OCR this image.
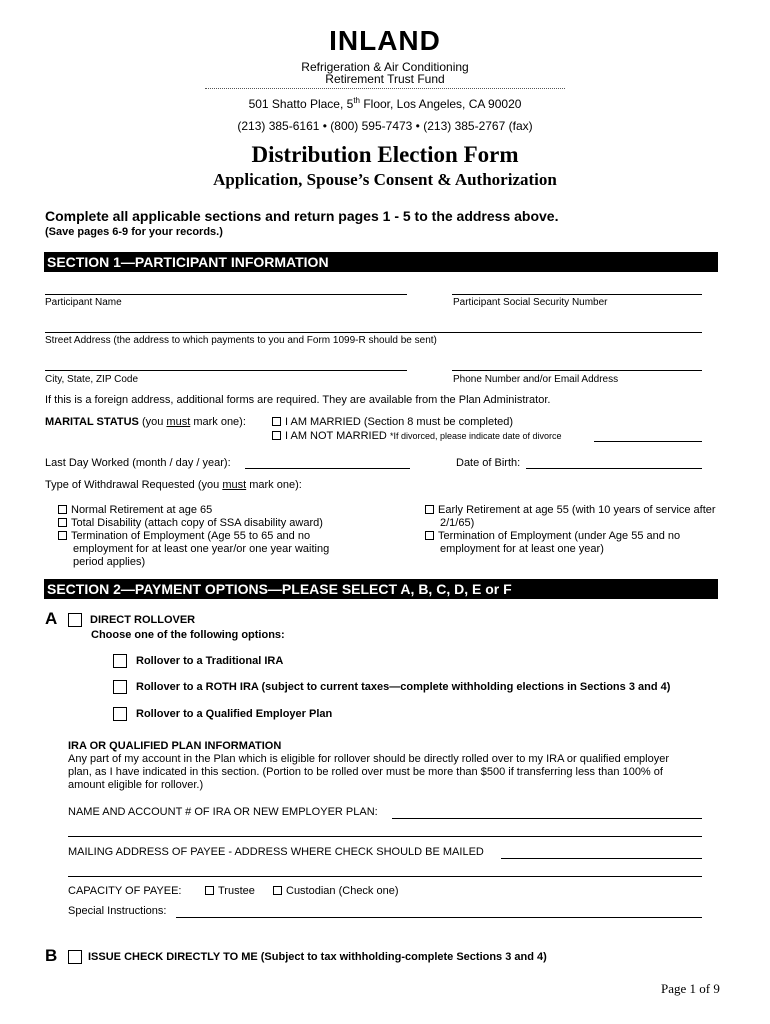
INLAND
Refrigeration & Air Conditioning
Retirement Trust Fund
501 Shatto Place, 5th Floor, Los Angeles, CA 90020
(213) 385-6161 • (800) 595-7473 • (213) 385-2767 (fax)
Distribution Election Form
Application, Spouse’s Consent & Authorization
Complete all applicable sections and return pages 1 - 5 to the address above.
(Save pages 6-9 for your records.)
SECTION 1—PARTICIPANT INFORMATION
Participant Name	Participant Social Security Number
Street Address (the address to which payments to you and Form 1099-R should be sent)
City, State, ZIP Code	Phone Number and/or Email Address
If this is a foreign address, additional forms are required. They are available from the Plan Administrator.
MARITAL STATUS (you must mark one):	I AM MARRIED (Section 8 must be completed)
I AM NOT MARRIED *If divorced, please indicate date of divorce
Last Day Worked (month / day / year):	Date of Birth:
Type of Withdrawal Requested (you must mark one):
Normal Retirement at age 65
Total Disability (attach copy of SSA disability award)
Termination of Employment (Age 55 to 65 and no
employment for at least one year/or one year waiting
period applies)
Early Retirement at age 55 (with 10 years of service after
2/1/65)
Termination of Employment (under Age 55 and no
employment for at least one year)
SECTION 2—PAYMENT OPTIONS—PLEASE SELECT A, B, C, D, E or F
A	DIRECT ROLLOVER
Choose one of the following options:
Rollover to a Traditional IRA
Rollover to a ROTH IRA (subject to current taxes—complete withholding elections in Sections 3 and 4)
Rollover to a Qualified Employer Plan
IRA OR QUALIFIED PLAN INFORMATION
Any part of my account in the Plan which is eligible for rollover should be directly rolled over to my IRA or qualified employer
plan, as I have indicated in this section. (Portion to be rolled over must be more than $500 if transferring less than 100% of
amount eligible for rollover.)
NAME AND ACCOUNT # OF IRA OR NEW EMPLOYER PLAN:
MAILING ADDRESS OF PAYEE - ADDRESS WHERE CHECK SHOULD BE MAILED
CAPACITY OF PAYEE:	Trustee	Custodian (Check one)
Special Instructions:
B	ISSUE CHECK DIRECTLY TO ME (Subject to tax withholding-complete Sections 3 and 4)
Page 1 of 9
